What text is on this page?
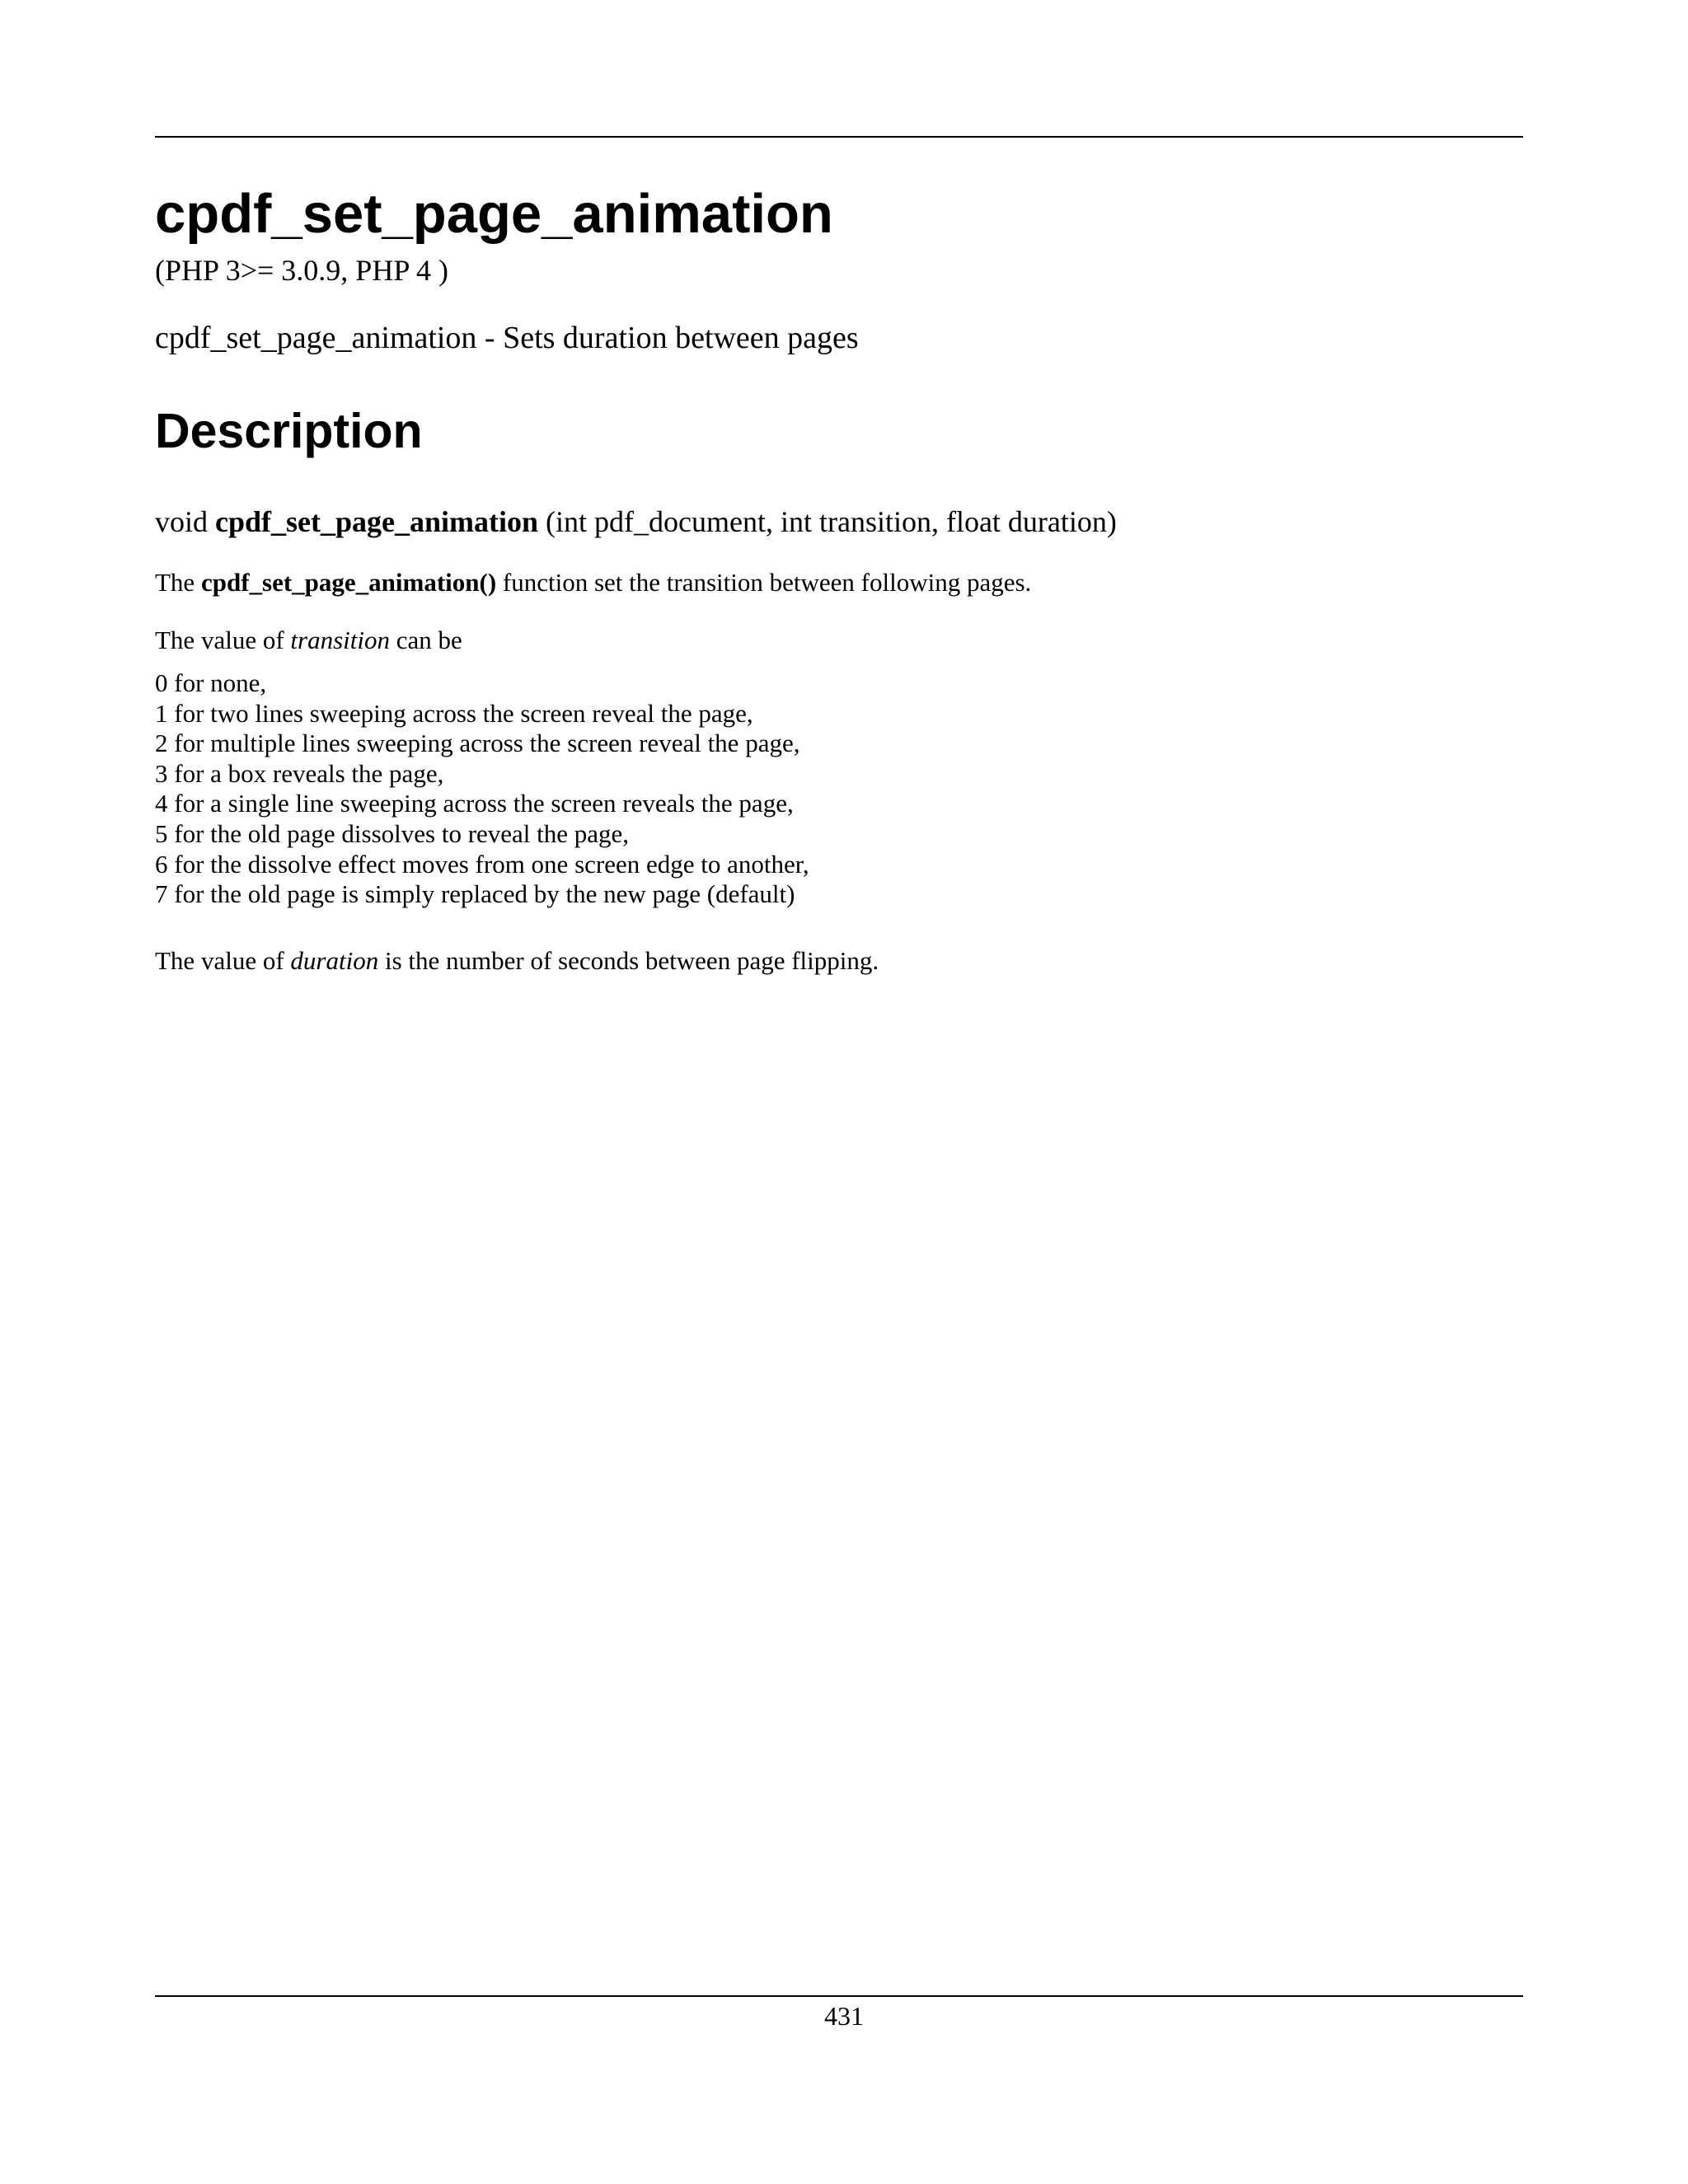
cpdf_set_page_animation
(PHP 3>= 3.0.9, PHP 4 )
cpdf_set_page_animation - Sets duration between pages
Description
void cpdf_set_page_animation (int pdf_document, int transition, float duration)
The cpdf_set_page_animation() function set the transition between following pages.
The value of transition can be
0 for none,
1 for two lines sweeping across the screen reveal the page,
2 for multiple lines sweeping across the screen reveal the page,
3 for a box reveals the page,
4 for a single line sweeping across the screen reveals the page,
5 for the old page dissolves to reveal the page,
6 for the dissolve effect moves from one screen edge to another,
7 for the old page is simply replaced by the new page (default)
The value of duration is the number of seconds between page flipping.
431
